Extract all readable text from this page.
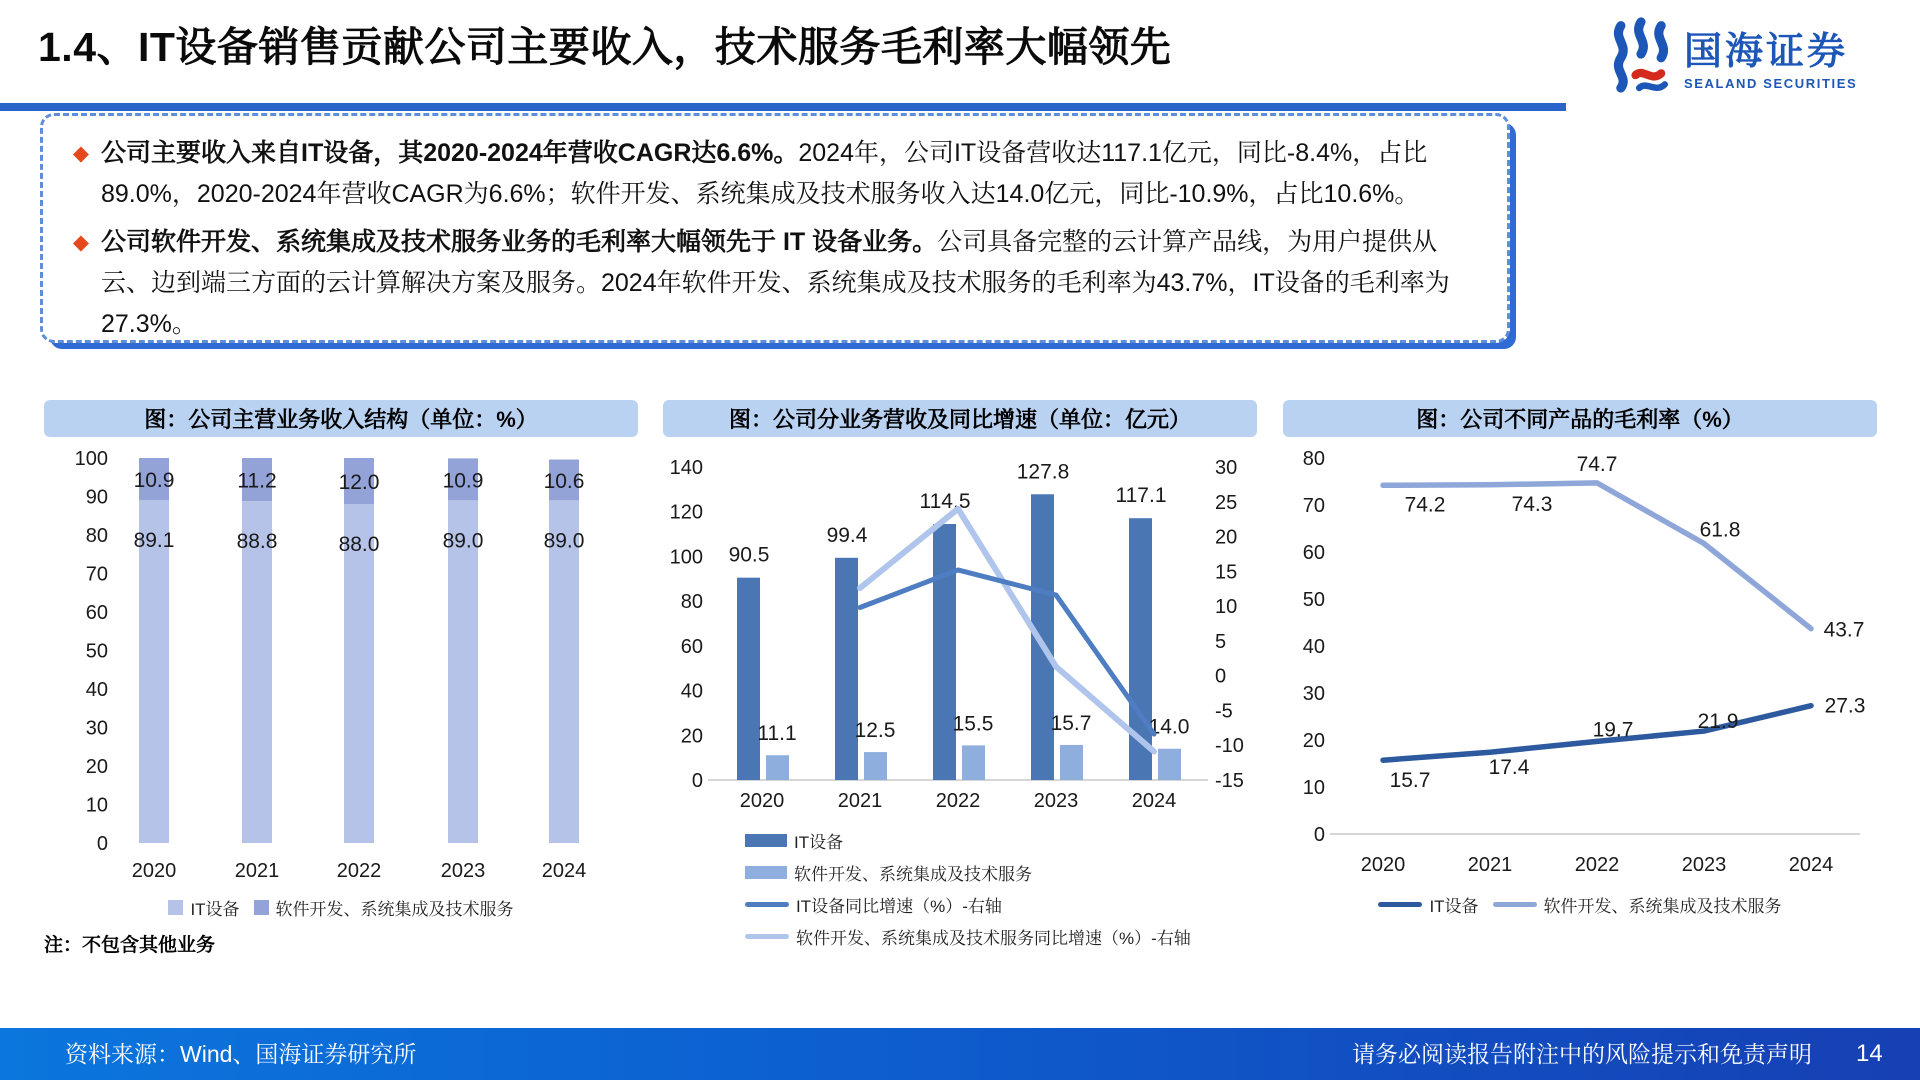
1.4、IT设备销售贡献公司主要收入，技术服务毛利率大幅领先	国海证券
SEALAND SECURITIES
◆ 公司主要收入来自IT设备，其2020-2024年营收CAGR达6.6%。2024年，公司IT设备营收达117.1亿元，同比-8.4%，占比89.0%，2020-2024年营收CAGR为6.6%；软件开发、系统集成及技术服务收入达14.0亿元，同比-10.9%，占比10.6%。

◆ 公司软件开发、系统集成及技术服务业务的毛利率大幅领先于 IT 设备业务。公司具备完整的云计算产品线，为用户提供从云、边到端三方面的云计算解决方案及服务。2024年软件开发、系统集成及技术服务的毛利率为43.7%，IT设备的毛利率为27.3%。

图：公司主营业务收入结构（单位：%）
0
10
20
30
40
50
60
70
80
90
100
10.9
89.1
2020
11.2
88.8
2021
12.0
88.0
2022
10.9
89.0
2023
10.6
89.0
2024
IT设备 软件开发、系统集成及技术服务
注：不包含其他业务
图：公司分业务营收及同比增速（单位：亿元）
0
20
40
60
80
100
120
140
-15
-10
-5
0
5
10
15
20
25
30
90.5
11.1
2020
99.4
12.5
2021
114.5
15.5
2022
127.8
15.7
2023
117.1
14.0
2024
IT设备
软件开发、系统集成及技术服务
IT设备同比增速（%）-右轴
软件开发、系统集成及技术服务同比增速（%）-右轴
图：公司不同产品的毛利率（%）
0
10
20
30
40
50
60
70
80
2020	2021	2022	2023	2024
15.7
17.4
19.7	21.9
27.3
74.2	74.3
74.7
61.8
43.7
IT设备	软件开发、系统集成及技术服务
资料来源：Wind、国海证券研究所	请务必阅读报告附注中的风险提示和免责声明 14
